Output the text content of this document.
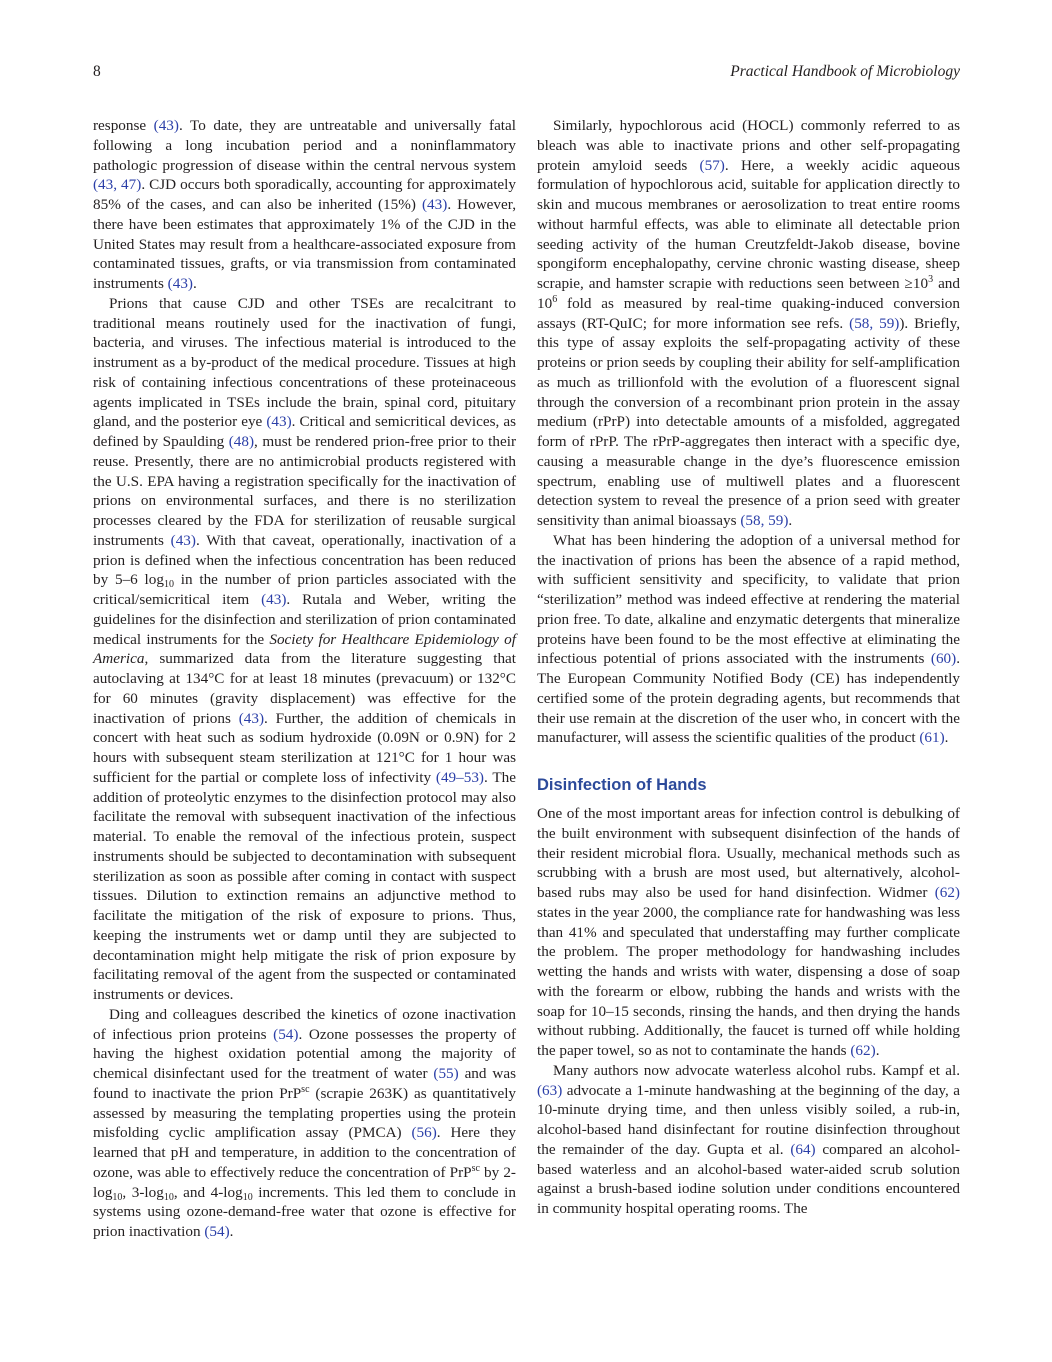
8	Practical Handbook of Microbiology

response (43). To date, they are untreatable and universally fatal following a long incubation period and a noninflammatory pathologic progression of disease within the central nervous system (43, 47). CJD occurs both sporadically, accounting for approximately 85% of the cases, and can also be inherited (15%) (43). However, there have been estimates that approximately 1% of the CJD in the United States may result from a healthcare-associated exposure from contaminated tissues, grafts, or via transmission from contaminated instruments (43).

Prions that cause CJD and other TSEs are recalcitrant to traditional means routinely used for the inactivation of fungi, bacteria, and viruses. The infectious material is introduced to the instrument as a by-product of the medical procedure. Tissues at high risk of containing infectious concentrations of these proteinaceous agents implicated in TSEs include the brain, spinal cord, pituitary gland, and the posterior eye (43). Critical and semicritical devices, as defined by Spaulding (48), must be rendered prion-free prior to their reuse. Presently, there are no antimicrobial products registered with the U.S. EPA having a registration specifically for the inactivation of prions on environmental surfaces, and there is no sterilization processes cleared by the FDA for sterilization of reusable surgical instruments (43). With that caveat, operationally, inactivation of a prion is defined when the infectious concentration has been reduced by 5–6 $\log_{10}$ in the number of prion particles associated with the critical/semicritical item (43). Rutala and Weber, writing the guidelines for the disinfection and sterilization of prion contaminated medical instruments for the Society for Healthcare Epidemiology of America, summarized data from the literature suggesting that autoclaving at 134°C for at least 18 minutes (prevacuum) or 132°C for 60 minutes (gravity displacement) was effective for the inactivation of prions (43). Further, the addition of chemicals in concert with heat such as sodium hydroxide (0.09N or 0.9N) for 2 hours with subsequent steam sterilization at 121°C for 1 hour was sufficient for the partial or complete loss of infectivity (49–53). The addition of proteolytic enzymes to the disinfection protocol may also facilitate the removal with subsequent inactivation of the infectious material. To enable the removal of the infectious protein, suspect instruments should be subjected to decontamination with subsequent sterilization as soon as possible after coming in contact with suspect tissues. Dilution to extinction remains an adjunctive method to facilitate the mitigation of the risk of exposure to prions. Thus, keeping the instruments wet or damp until they are subjected to decontamination might help mitigate the risk of prion exposure by facilitating removal of the agent from the suspected or contaminated instruments or devices.

Ding and colleagues described the kinetics of ozone inactivation of infectious prion proteins (54). Ozone possesses the property of having the highest oxidation potential among the majority of chemical disinfectant used for the treatment of water (55) and was found to inactivate the prion PrP$^{sc}$ (scrapie 263K) as quantitatively assessed by measuring the templating properties using the protein misfolding cyclic amplification assay (PMCA) (56). Here they learned that pH and temperature, in addition to the concentration of ozone, was able to effectively reduce the concentration of PrP$^{sc}$ by $2-\log_{10}$, $3-\log_{10}$, and $4-\log_{10}$ increments. This led them to conclude in systems using ozone-demand-free water that ozone is effective for prion inactivation (54).

Similarly, hypochlorous acid (HOCL) commonly referred to as bleach was able to inactivate prions and other self-propagating protein amyloid seeds (57). Here, a weekly acidic aqueous formulation of hypochlorous acid, suitable for application directly to skin and mucous membranes or aerosolization to treat entire rooms without harmful effects, was able to eliminate all detectable prion seeding activity of the human Creutzfeldt-Jakob disease, bovine spongiform encephalopathy, cervine chronic wasting disease, sheep scrapie, and hamster scrapie with reductions seen between $\ge 10^3$ and $10^6$ fold as measured by real-time quaking-induced conversion assays (RT-QuIC; for more information see refs. (58, 59)). Briefly, this type of assay exploits the self-propagating activity of these proteins or prion seeds by coupling their ability for self-amplification as much as trillionfold with the evolution of a fluorescent signal through the conversion of a recombinant prion protein in the assay medium (rPrP) into detectable amounts of a misfolded, aggregated form of rPrP. The rPrP-aggregates then interact with a specific dye, causing a measurable change in the dye’s fluorescence emission spectrum, enabling use of multiwell plates and a fluorescent detection system to reveal the presence of a prion seed with greater sensitivity than animal bioassays (58, 59).

What has been hindering the adoption of a universal method for the inactivation of prions has been the absence of a rapid method, with sufficient sensitivity and specificity, to validate that prion “sterilization” method was indeed effective at rendering the material prion free. To date, alkaline and enzymatic detergents that mineralize proteins have been found to be the most effective at eliminating the infectious potential of prions associated with the instruments (60). The European Community Notified Body (CE) has independently certified some of the protein degrading agents, but recommends that their use remain at the discretion of the user who, in concert with the manufacturer, will assess the scientific qualities of the product (61).

Disinfection of Hands

One of the most important areas for infection control is debulking of the built environment with subsequent disinfection of the hands of their resident microbial flora. Usually, mechanical methods such as scrubbing with a brush are most used, but alternatively, alcohol-based rubs may also be used for hand disinfection. Widmer (62) states in the year 2000, the compliance rate for handwashing was less than 41% and speculated that understaffing may further complicate the problem. The proper methodology for handwashing includes wetting the hands and wrists with water, dispensing a dose of soap with the forearm or elbow, rubbing the hands and wrists with the soap for 10–15 seconds, rinsing the hands, and then drying the hands without rubbing. Additionally, the faucet is turned off while holding the paper towel, so as not to contaminate the hands (62).

Many authors now advocate waterless alcohol rubs. Kampf et al. (63) advocate a 1-minute handwashing at the beginning of the day, a 10-minute drying time, and then unless visibly soiled, a rub-in, alcohol-based hand disinfectant for routine disinfection throughout the remainder of the day. Gupta et al. (64) compared an alcohol-based waterless and an alcohol-based water-aided scrub solution against a brush-based iodine solution under conditions encountered in community hospital operating rooms. The
